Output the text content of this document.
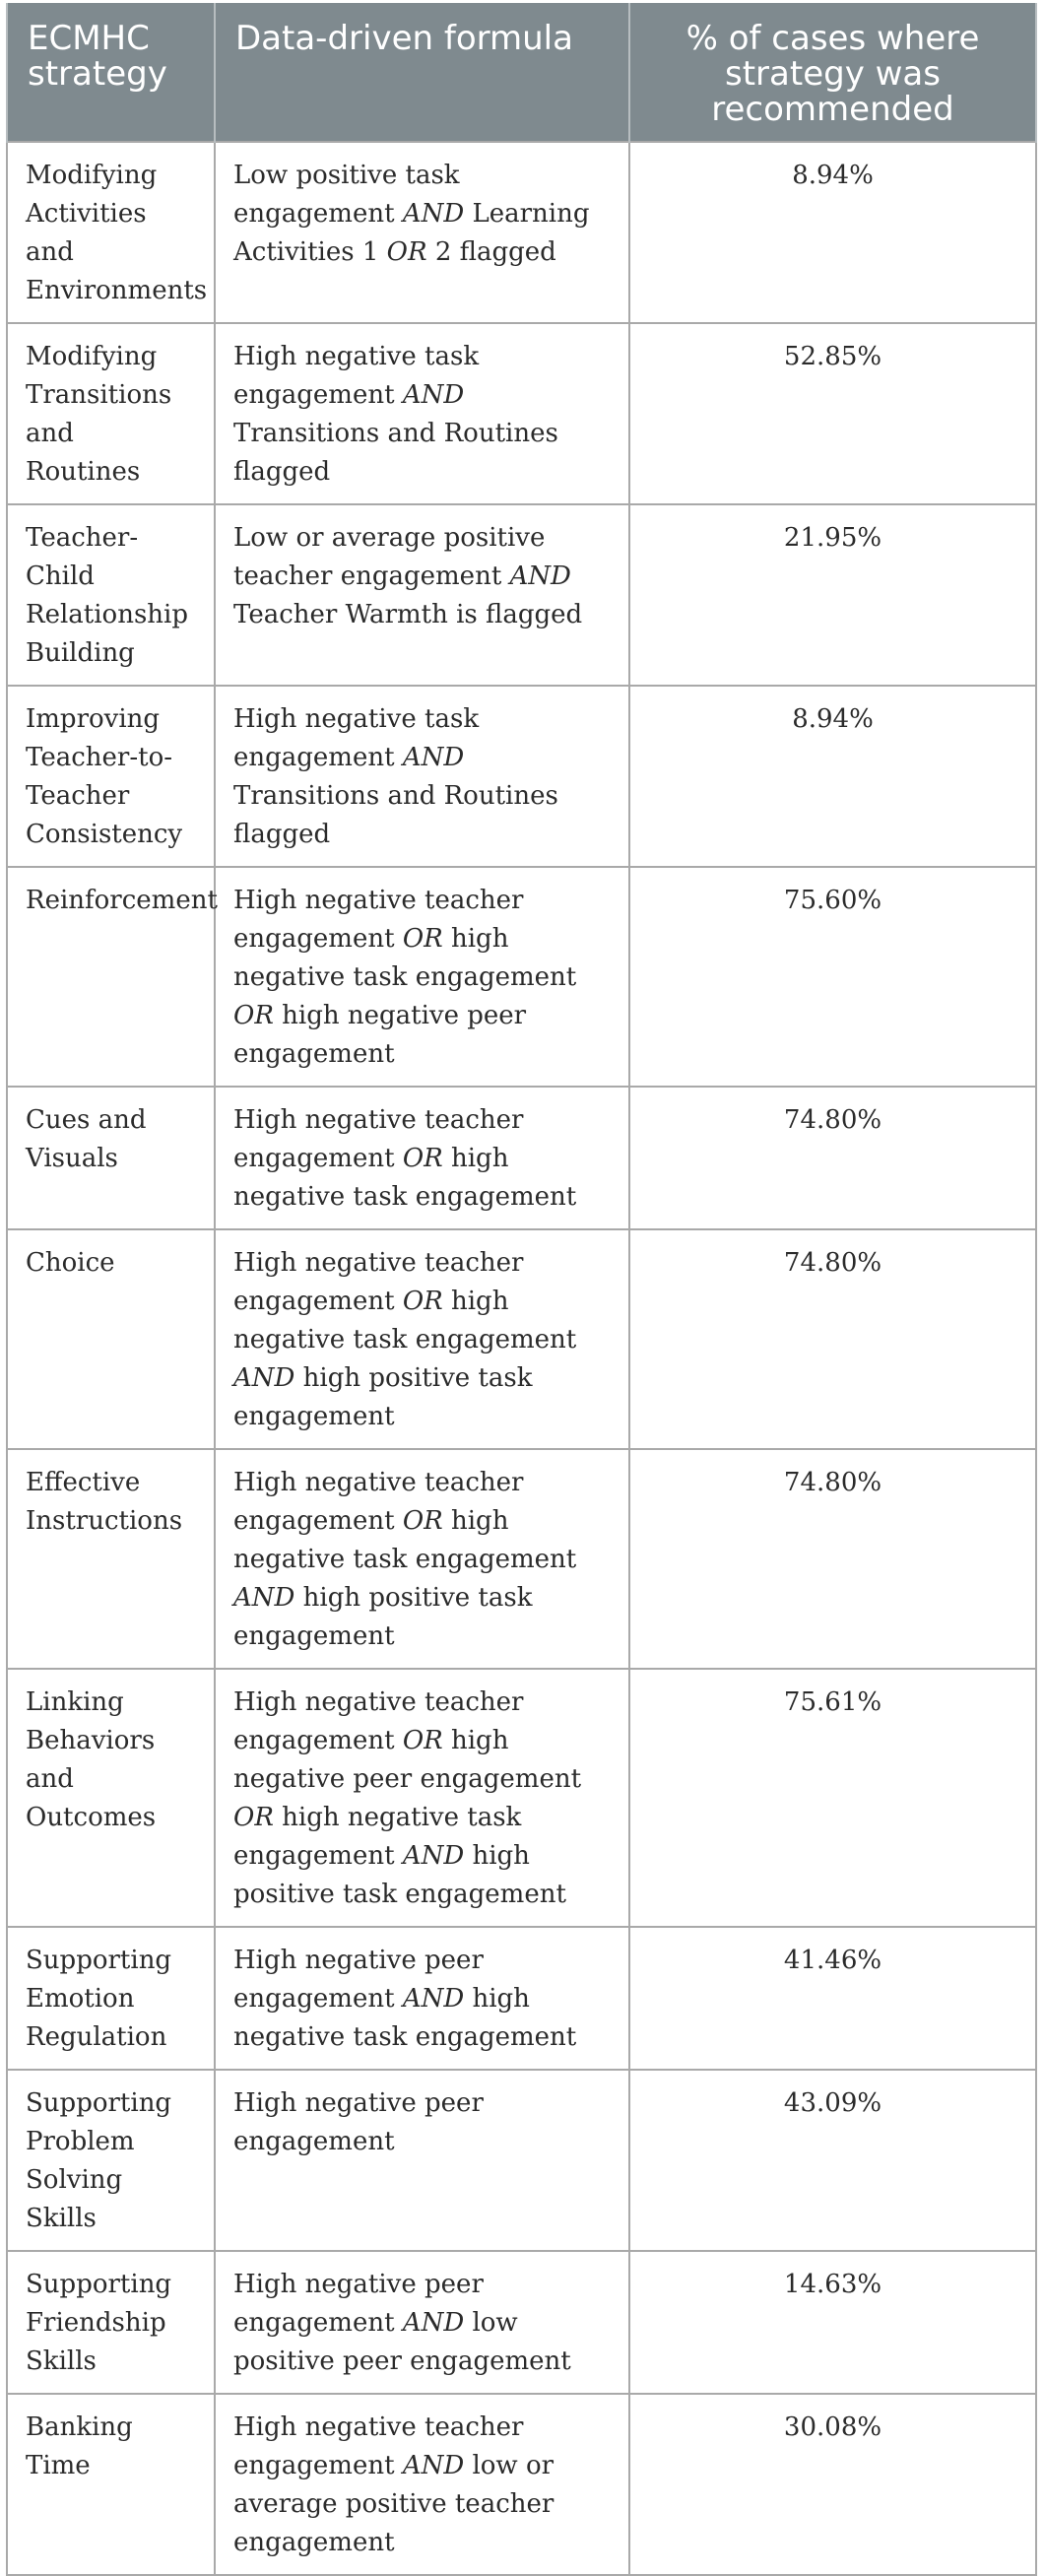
ECMHC strategy	Data-driven formula	% of cases where strategy was recommended
Modifying Activities and Environments	Low positive task engagement AND Learning Activities 1 OR 2 flagged	8.94%
Modifying Transitions and Routines	High negative task engagement AND Transitions and Routines flagged	52.85%
Teacher-Child Relationship Building	Low or average positive teacher engagement AND Teacher Warmth is flagged	21.95%
Improving Teacher-to-Teacher Consistency	High negative task engagement AND Transitions and Routines flagged	8.94%
Reinforcement	High negative teacher engagement OR high negative task engagement OR high negative peer engagement	75.60%
Cues and Visuals	High negative teacher engagement OR high negative task engagement	74.80%
Choice	High negative teacher engagement OR high negative task engagement AND high positive task engagement	74.80%
Effective Instructions	High negative teacher engagement OR high negative task engagement AND high positive task engagement	74.80%
Linking Behaviors and Outcomes	High negative teacher engagement OR high negative peer engagement OR high negative task engagement AND high positive task engagement	75.61%
Supporting Emotion Regulation	High negative peer engagement AND high negative task engagement	41.46%
Supporting Problem Solving Skills	High negative peer engagement	43.09%
Supporting Friendship Skills	High negative peer engagement AND low positive peer engagement	14.63%
Banking Time	High negative teacher engagement AND low or average positive teacher engagement	30.08%
